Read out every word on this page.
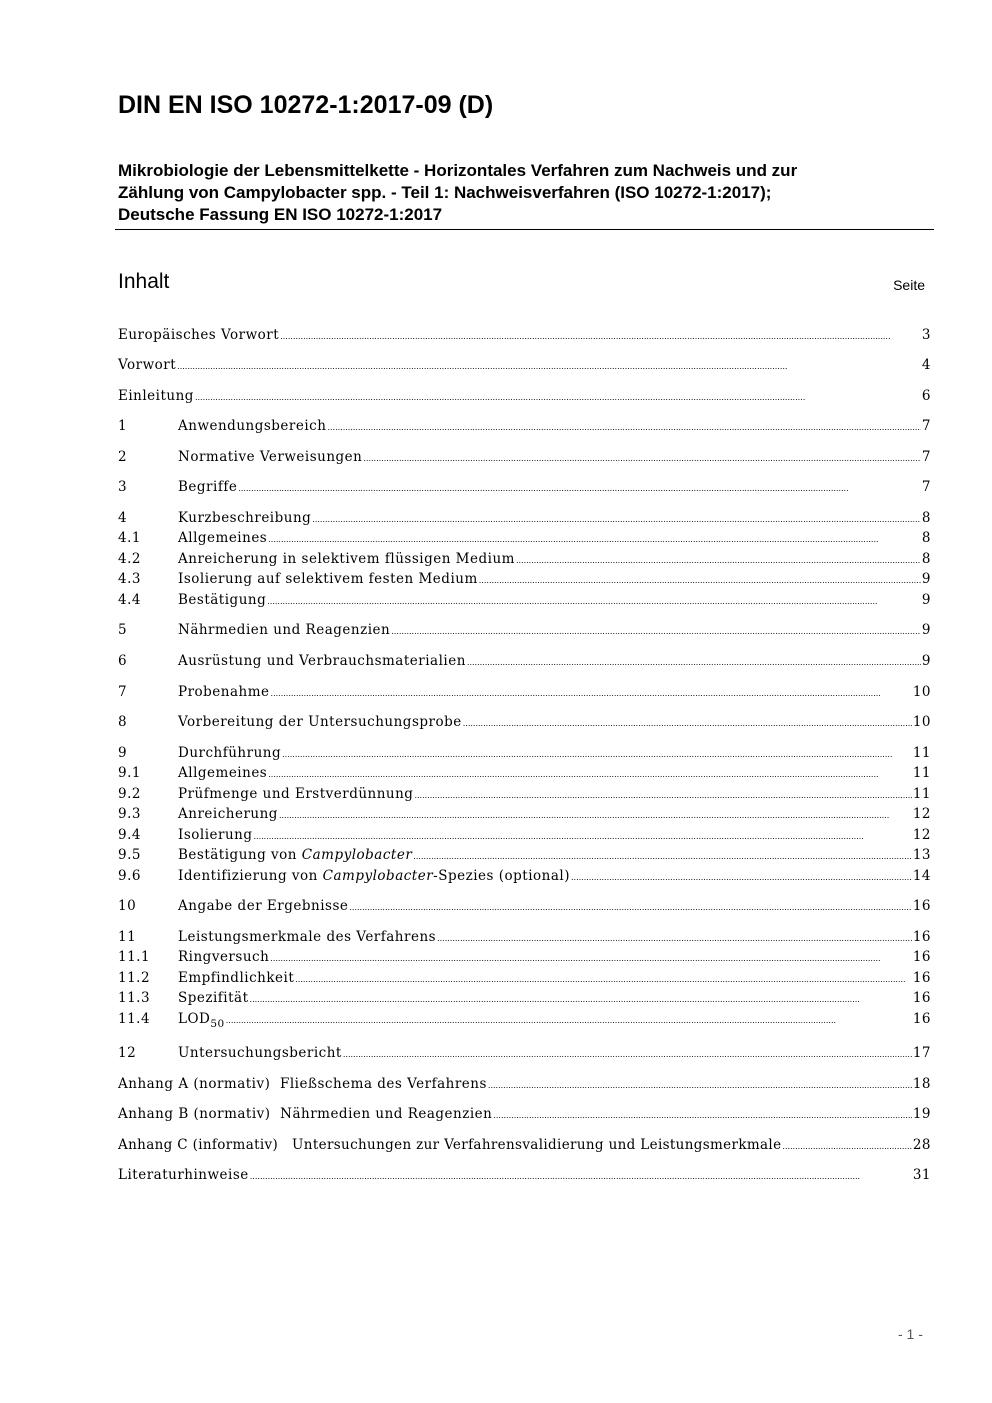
DIN EN ISO 10272-1:2017-09 (D)
Mikrobiologie der Lebensmittelkette - Horizontales Verfahren zum Nachweis und zur
Zählung von Campylobacter spp. - Teil 1: Nachweisverfahren (ISO 10272-1:2017);
Deutsche Fassung EN ISO 10272-1:2017
Inhalt	Seite
Europäisches Vorwort .....	3
Vorwort .....	4
Einleitung .....	6
1	Anwendungsbereich .....	7
2	Normative Verweisungen .....	7
3	Begriffe .....	7
4	Kurzbeschreibung .....	8
4.1	Allgemeines .....	8
4.2	Anreicherung in selektivem flüssigen Medium .....	8
4.3	Isolierung auf selektivem festen Medium .....	9
4.4	Bestätigung .....	9
5	Nährmedien und Reagenzien .....	9
6	Ausrüstung und Verbrauchsmaterialien .....	9
7	Probenahme .....	10
8	Vorbereitung der Untersuchungsprobe .....	10
9	Durchführung .....	11
9.1	Allgemeines .....	11
9.2	Prüfmenge und Erstverdünnung .....	11
9.3	Anreicherung .....	12
9.4	Isolierung .....	12
9.5	Bestätigung von Campylobacter .....	13
9.6	Identifizierung von Campylobacter-Spezies (optional) .....	14
10	Angabe der Ergebnisse .....	16
11	Leistungsmerkmale des Verfahrens .....	16
11.1	Ringversuch .....	16
11.2	Empfindlichkeit .....	16
11.3	Spezifität .....	16
11.4	$LOD_{50}$ .....	16
12	Untersuchungsbericht .....	17
Anhang A (normativ)  Fließschema des Verfahrens .....	18
Anhang B (normativ)  Nährmedien und Reagenzien .....	19
Anhang C (informativ)   Untersuchungen zur Verfahrensvalidierung und Leistungsmerkmale .....	28
Literaturhinweise .....	31
- 1 -
